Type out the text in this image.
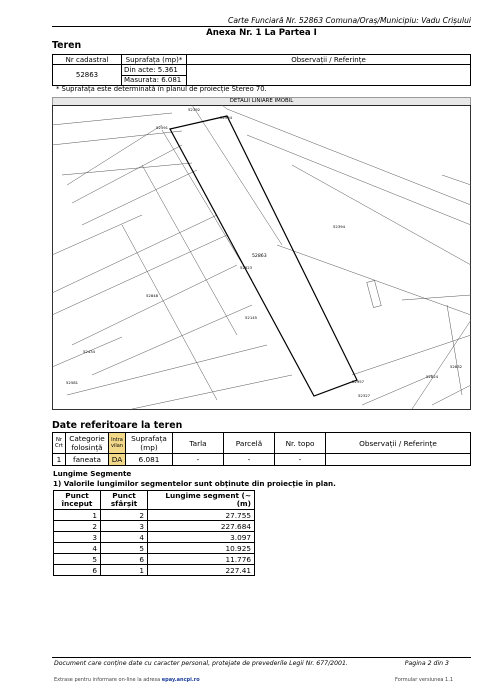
Carte Funciară Nr. 52863 Comuna/Oraș/Municipiu: Vadu Crișului
Anexa Nr. 1 La Partea I
Teren
Nr cadastral	Suprafața (mp)*	Observații / Referințe
52863	Din acte: 5.361
Masurata: 6.081	

* Suprafața este determinată în planul de proiecție Stereo 70.
DETALII LINIARE IMOBIL
52863
52591
52392
52394
52848
52823
52145
52434
52581
52327
52824
52832
52964
52957
Date referitoare la teren
Nr Crt	Categorie folosință	Intra vilan	Suprafața (mp)	Tarla	Parcelă	Nr. topo	Observații / Referințe
1	faneata	DA	6.081	-	-	-	
Lungime Segmente
1) Valorile lungimilor segmentelor sunt obținute din proiecție în plan.
Punct început	Punct sfârșit	Lungime segment (∼ (m)
1	2	27.755
2	3	227.684
3	4	3.097
4	5	10.925
5	6	11.776
6	1	227.41
Document care conține date cu caracter personal, protejate de prevederile Legii Nr. 677/2001.	Pagina 2 din 3
Extrase pentru informare on-line la adresa epay.ancpi.ro	Formular versiunea 1.1
